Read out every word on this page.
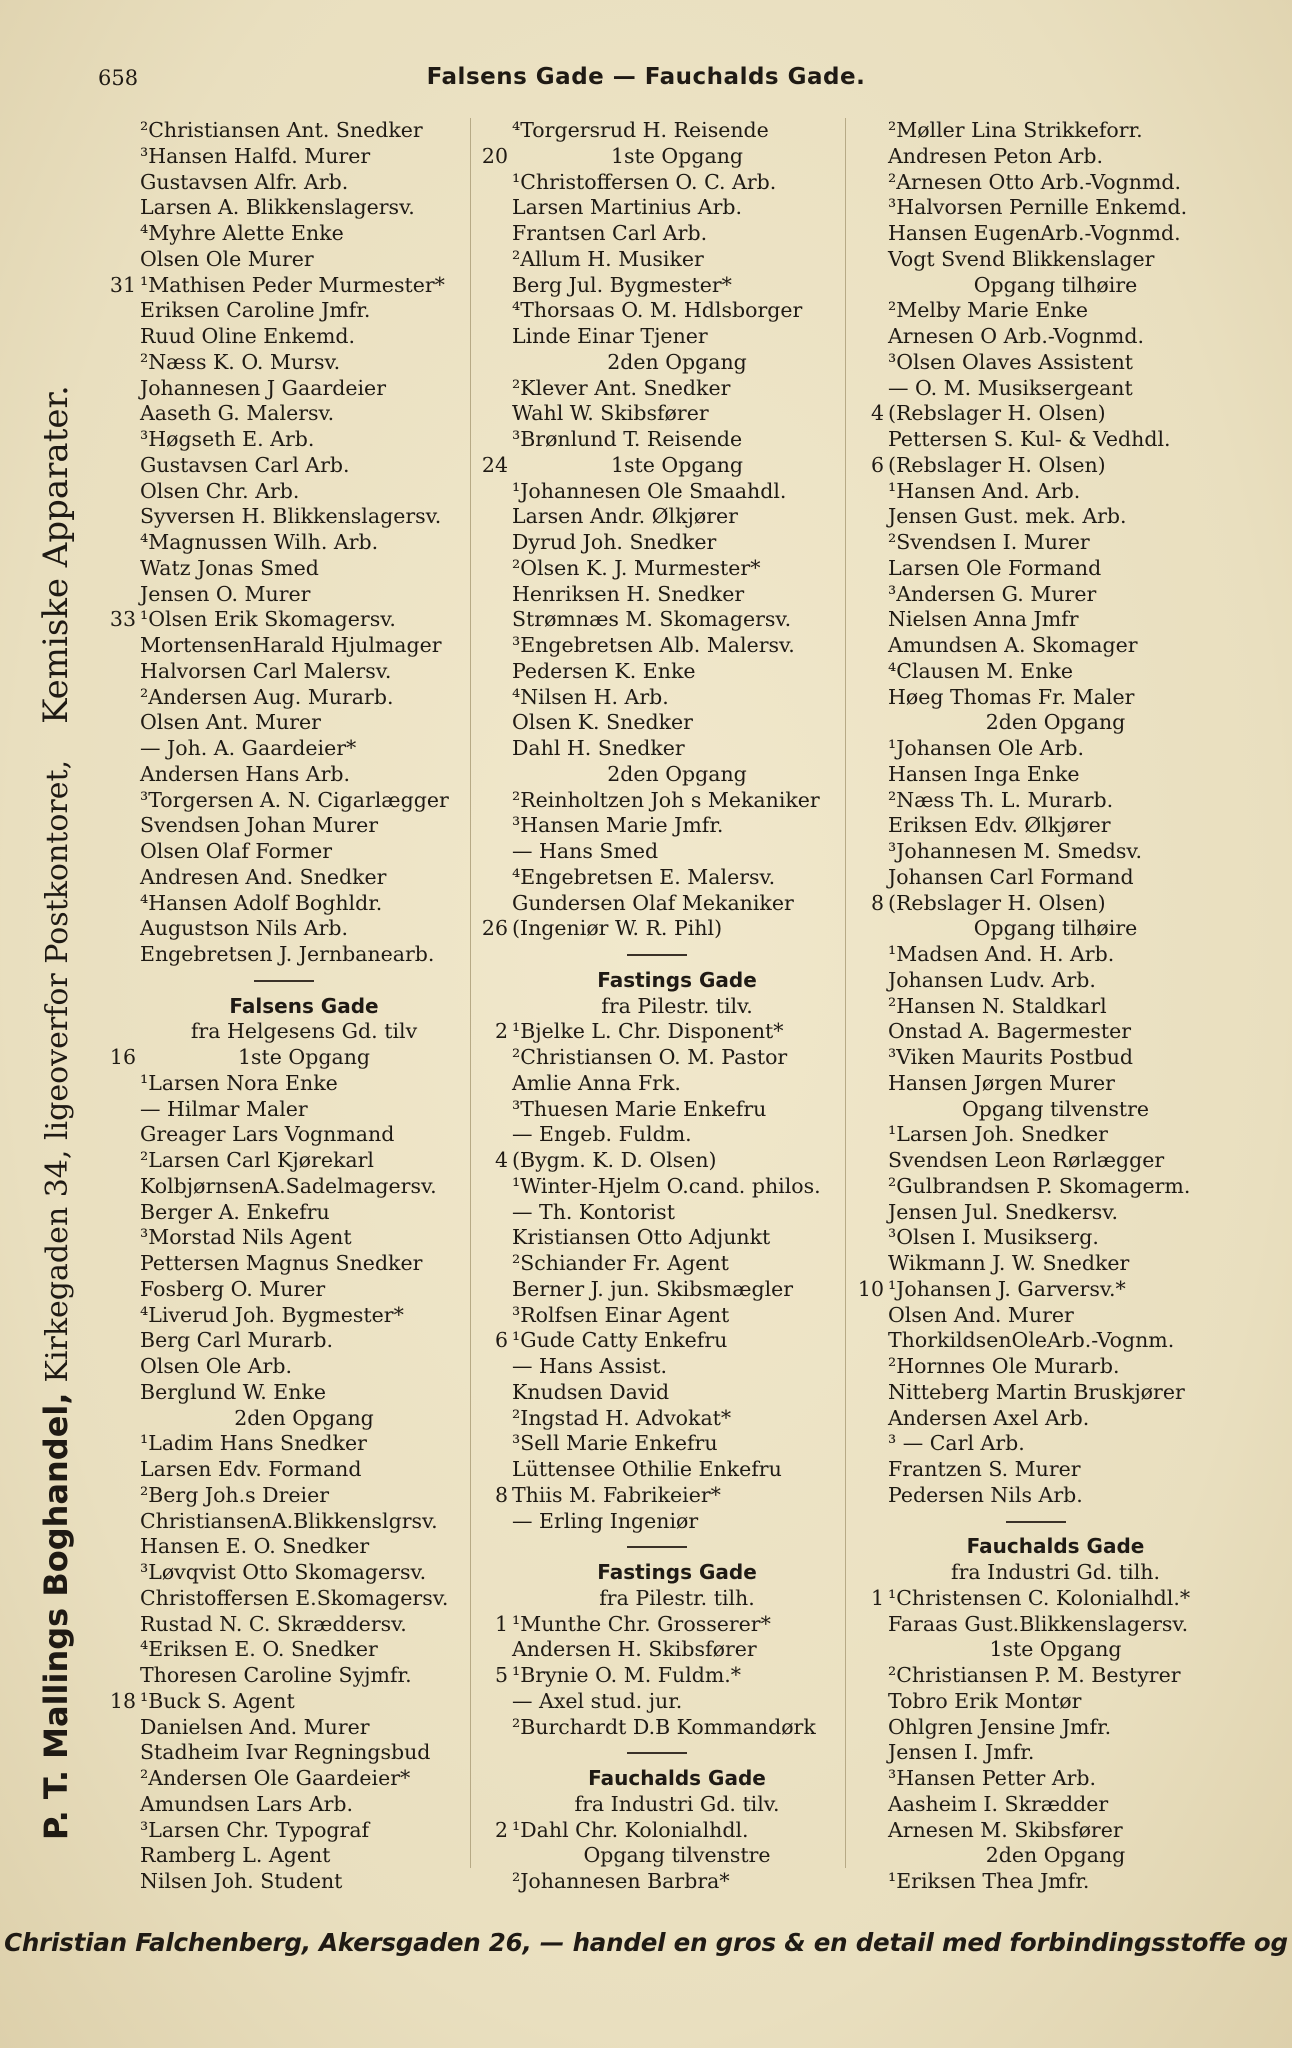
658	Falsens Gade — Fauchalds Gade.
P. T. Mallings Boghandel,
Kirkegaden 34, ligeoverfor Postkontoret,
Kemiske Apparater.
²Christiansen Ant. Snedker
³Hansen Halfd. Murer
Gustavsen Alfr. Arb.
Larsen A. Blikkenslagersv.
⁴Myhre Alette Enke
Olsen Ole Murer
31 ¹Mathisen Peder Murmester*
Eriksen Caroline Jmfr.
Ruud Oline Enkemd.
²Næss K. O. Mursv.
Johannesen J Gaardeier
Aaseth G. Malersv.
³Høgseth E. Arb.
Gustavsen Carl Arb.
Olsen Chr. Arb.
Syversen H. Blikkenslagersv.
⁴Magnussen Wilh. Arb.
Watz Jonas Smed
Jensen O. Murer
33 ¹Olsen Erik Skomagersv.
MortensenHarald Hjulmager
Halvorsen Carl Malersv.
²Andersen Aug. Murarb.
Olsen Ant. Murer
— Joh. A. Gaardeier*
Andersen Hans Arb.
³Torgersen A. N. Cigarlægger
Svendsen Johan Murer
Olsen Olaf Former
Andresen And. Snedker
⁴Hansen Adolf Boghldr.
Augustson Nils Arb.
Engebretsen J. Jernbanearb.
Falsens Gade
fra Helgesens Gd. tilv
16	1ste Opgang
¹Larsen Nora Enke
— Hilmar Maler
Greager Lars Vognmand
²Larsen Carl Kjørekarl
KolbjørnsenA.Sadelmagersv.
Berger A. Enkefru
³Morstad Nils Agent
Pettersen Magnus Snedker
Fosberg O. Murer
⁴Liverud Joh. Bygmester*
Berg Carl Murarb.
Olsen Ole Arb.
Berglund W. Enke
2den Opgang
¹Ladim Hans Snedker
Larsen Edv. Formand
²Berg Joh.s Dreier
ChristiansenA.Blikkenslgrsv.
Hansen E. O. Snedker
³Løvqvist Otto Skomagersv.
Christoffersen E.Skomagersv.
Rustad N. C. Skræddersv.
⁴Eriksen E. O. Snedker
Thoresen Caroline Syjmfr.
18 ¹Buck S. Agent
Danielsen And. Murer
Stadheim Ivar Regningsbud
²Andersen Ole Gaardeier*
Amundsen Lars Arb.
³Larsen Chr. Typograf
Ramberg L. Agent
Nilsen Joh. Student
⁴Torgersrud H. Reisende
20	1ste Opgang
¹Christoffersen O. C. Arb.
Larsen Martinius Arb.
Frantsen Carl Arb.
²Allum H. Musiker
Berg Jul. Bygmester*
⁴Thorsaas O. M. Hdlsborger
Linde Einar Tjener
2den Opgang
²Klever Ant. Snedker
Wahl W. Skibsfører
³Brønlund T. Reisende
24	1ste Opgang
¹Johannesen Ole Smaahdl.
Larsen Andr. Ølkjører
Dyrud Joh. Snedker
²Olsen K. J. Murmester*
Henriksen H. Snedker
Strømnæs M. Skomagersv.
³Engebretsen Alb. Malersv.
Pedersen K. Enke
⁴Nilsen H. Arb.
Olsen K. Snedker
Dahl H. Snedker
2den Opgang
²Reinholtzen Joh s Mekaniker
³Hansen Marie Jmfr.
— Hans Smed
⁴Engebretsen E. Malersv.
Gundersen Olaf Mekaniker
26 (Ingeniør W. R. Pihl)
Fastings Gade
fra Pilestr. tilv.
2 ¹Bjelke L. Chr. Disponent*
²Christiansen O. M. Pastor
Amlie Anna Frk.
³Thuesen Marie Enkefru
— Engeb. Fuldm.
4 (Bygm. K. D. Olsen)
¹Winter-Hjelm O.cand. philos.
— Th. Kontorist
Kristiansen Otto Adjunkt
²Schiander Fr. Agent
Berner J. jun. Skibsmægler
³Rolfsen Einar Agent
6 ¹Gude Catty Enkefru
— Hans Assist.
Knudsen David
²Ingstad H. Advokat*
³Sell Marie Enkefru
Lüttensee Othilie Enkefru
8 Thiis M. Fabrikeier*
— Erling Ingeniør
Fastings Gade
fra Pilestr. tilh.
1 ¹Munthe Chr. Grosserer*
Andersen H. Skibsfører
5 ¹Brynie O. M. Fuldm.*
— Axel stud. jur.
²Burchardt D.B Kommandørk
Fauchalds Gade
fra Industri Gd. tilv.
2 ¹Dahl Chr. Kolonialhdl.
Opgang tilvenstre
²Johannesen Barbra*
²Møller Lina Strikkeforr.
Andresen Peton Arb.
²Arnesen Otto Arb.-Vognmd.
³Halvorsen Pernille Enkemd.
Hansen EugenArb.-Vognmd.
Vogt Svend Blikkenslager
Opgang tilhøire
²Melby Marie Enke
Arnesen O Arb.-Vognmd.
³Olsen Olaves Assistent
— O. M. Musiksergeant
4 (Rebslager H. Olsen)
Pettersen S. Kul- & Vedhdl.
6 (Rebslager H. Olsen)
¹Hansen And. Arb.
Jensen Gust. mek. Arb.
²Svendsen I. Murer
Larsen Ole Formand
³Andersen G. Murer
Nielsen Anna Jmfr
Amundsen A. Skomager
⁴Clausen M. Enke
Høeg Thomas Fr. Maler
2den Opgang
¹Johansen Ole Arb.
Hansen Inga Enke
²Næss Th. L. Murarb.
Eriksen Edv. Ølkjører
³Johannesen M. Smedsv.
Johansen Carl Formand
8 (Rebslager H. Olsen)
Opgang tilhøire
¹Madsen And. H. Arb.
Johansen Ludv. Arb.
²Hansen N. Staldkarl
Onstad A. Bagermester
³Viken Maurits Postbud
Hansen Jørgen Murer
Opgang tilvenstre
¹Larsen Joh. Snedker
Svendsen Leon Rørlægger
²Gulbrandsen P. Skomagerm.
Jensen Jul. Snedkersv.
³Olsen I. Musikserg.
Wikmann J. W. Snedker
10 ¹Johansen J. Garversv.*
Olsen And. Murer
ThorkildsenOleArb.-Vognm.
²Hornnes Ole Murarb.
Nitteberg Martin Bruskjører
Andersen Axel Arb.
³ — Carl Arb.
Frantzen S. Murer
Pedersen Nils Arb.
Fauchalds Gade
fra Industri Gd. tilh.
1 ¹Christensen C. Kolonialhdl.*
Faraas Gust.Blikkenslagersv.
1ste Opgang
²Christiansen P. M. Bestyrer
Tobro Erik Montør
Ohlgren Jensine Jmfr.
Jensen I. Jmfr.
³Hansen Petter Arb.
Aasheim I. Skrædder
Arnesen M. Skibsfører
2den Opgang
¹Eriksen Thea Jmfr.
Christian Falchenberg, Akersgaden 26, — handel en gros & en detail med forbindingsstoffe og
